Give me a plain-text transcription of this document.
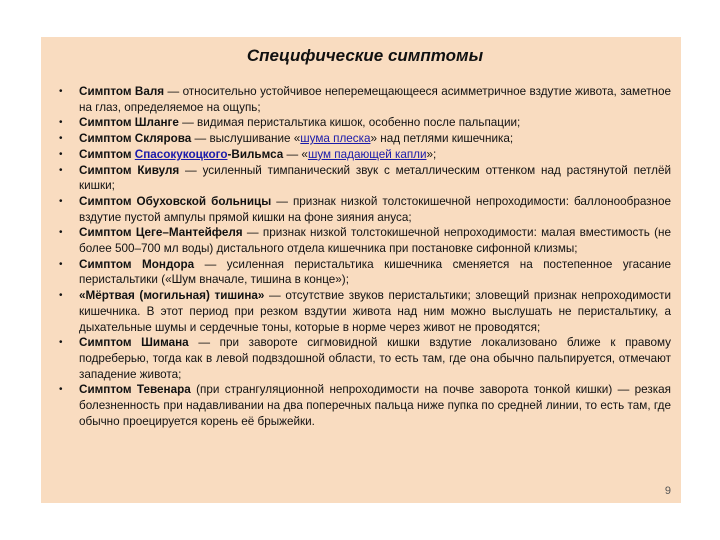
Специфические симптомы
• Симптом Валя — относительно устойчивое неперемещающееся асимметричное вздутие живота, заметное на глаз, определяемое на ощупь;
• Симптом Шланге — видимая перистальтика кишок, особенно после пальпации;
• Симптом Склярова — выслушивание «шума плеска» над петлями кишечника;
• Симптом Спасокукоцкого-Вильмса — «шум падающей капли»;
• Симптом Кивуля — усиленный тимпанический звук с металлическим оттенком над растянутой петлёй кишки;
• Симптом Обуховской больницы — признак низкой толстокишечной непроходимости: баллонообразное вздутие пустой ампулы прямой кишки на фоне зияния ануса;
• Симптом Цеге–Мантейфеля — признак низкой толстокишечной непроходимости: малая вместимость (не более 500–700 мл воды) дистального отдела кишечника при постановке сифонной клизмы;
• Симптом Мондора — усиленная перистальтика кишечника сменяется на постепенное угасание перистальтики («Шум вначале, тишина в конце»);
• «Мёртвая (могильная) тишина» — отсутствие звуков перистальтики; зловещий признак непроходимости кишечника. В этот период при резком вздутии живота над ним можно выслушать не перистальтику, а дыхательные шумы и сердечные тоны, которые в норме через живот не проводятся;
• Симптом Шимана — при завороте сигмовидной кишки вздутие локализовано ближе к правому подреберью, тогда как в левой подвздошной области, то есть там, где она обычно пальпируется, отмечают западение живота;
• Симптом Тевенара (при странгуляционной непроходимости на почве заворота тонкой кишки) — резкая болезненность при надавливании на два поперечных пальца ниже пупка по средней линии, то есть там, где обычно проецируется корень её брыжейки.
9
